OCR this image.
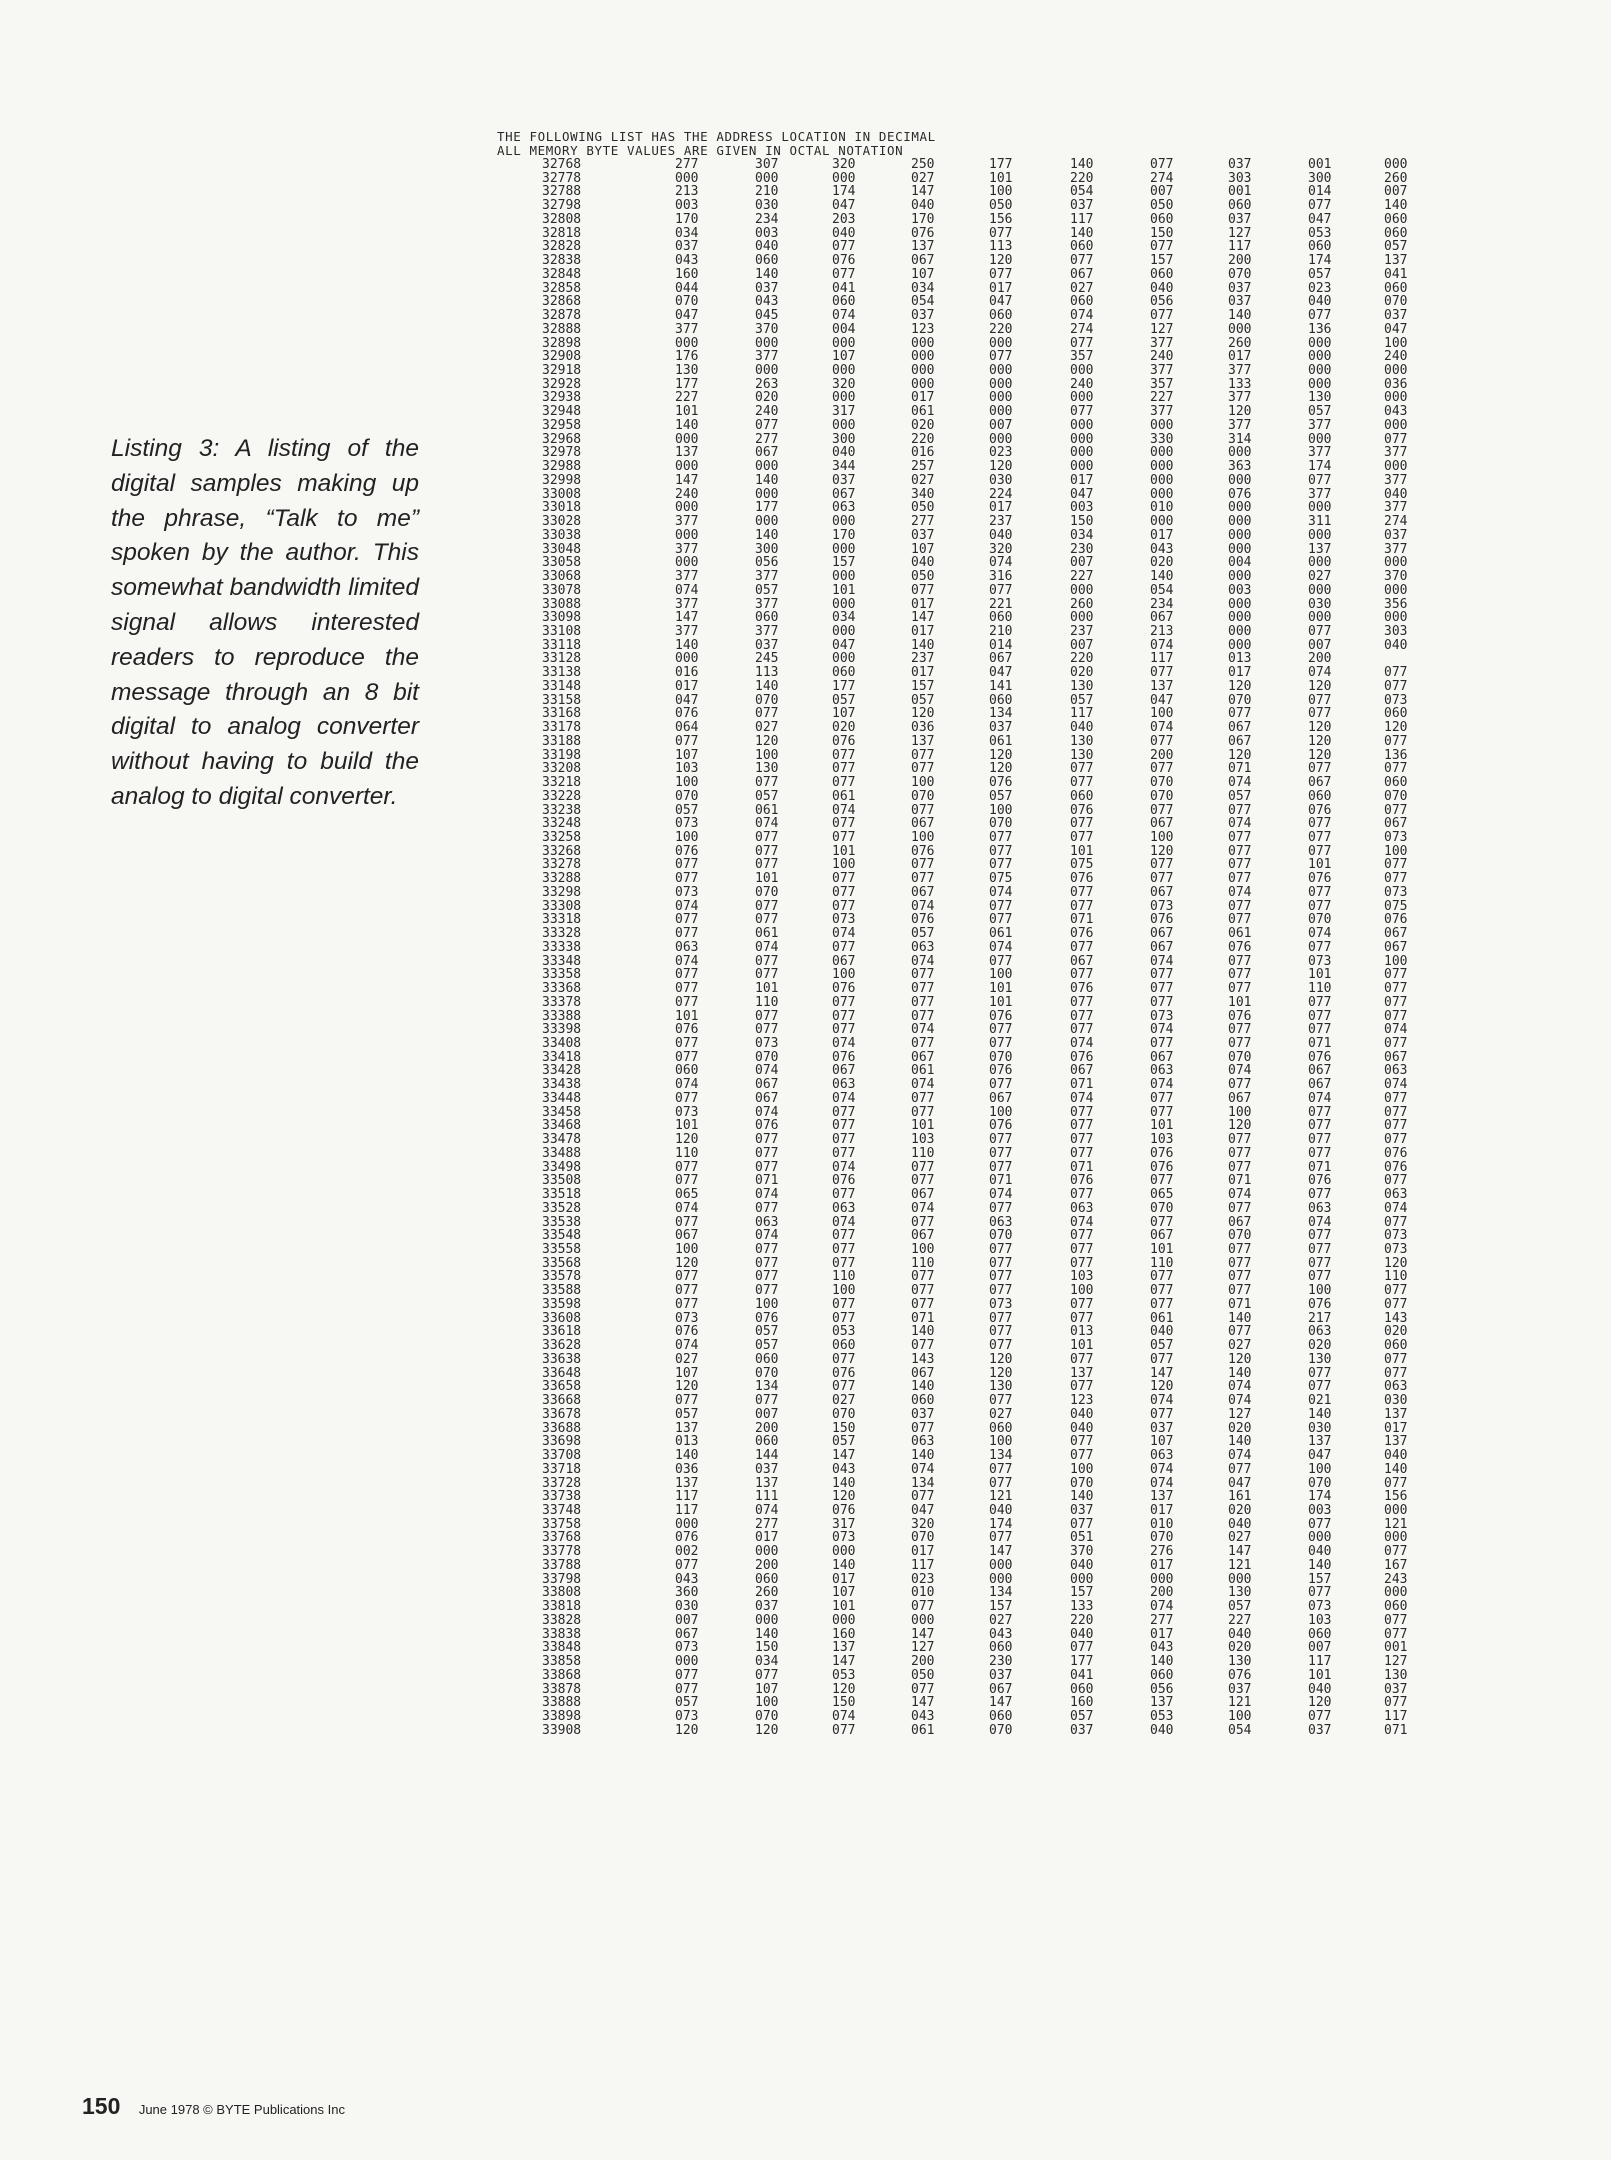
Listing 3: A listing of the digital samples making up the phrase, “Talk to me” spoken by the author. This somewhat bandwidth limited signal allows interested readers to reproduce the message through an 8 bit digital to analog converter without having to build the analog to digital converter.
THE FOLLOWING LIST HAS THE ADDRESS LOCATION IN DECIMAL
ALL MEMORY BYTE VALUES ARE GIVEN IN OCTAL NOTATION
32768	277	307	320	250	177	140	077	037	001	000
32778	000	000	000	027	101	220	274	303	300	260
32788	213	210	174	147	100	054	007	001	014	007
32798	003	030	047	040	050	037	050	060	077	140
32808	170	234	203	170	156	117	060	037	047	060
32818	034	003	040	076	077	140	150	127	053	060
32828	037	040	077	137	113	060	077	117	060	057
32838	043	060	076	067	120	077	157	200	174	137
32848	160	140	077	107	077	067	060	070	057	041
32858	044	037	041	034	017	027	040	037	023	060
32868	070	043	060	054	047	060	056	037	040	070
32878	047	045	074	037	060	074	077	140	077	037
32888	377	370	004	123	220	274	127	000	136	047
32898	000	000	000	000	000	077	377	260	000	100
32908	176	377	107	000	077	357	240	017	000	240
32918	130	000	000	000	000	000	377	377	000	000
32928	177	263	320	000	000	240	357	133	000	036
32938	227	020	000	017	000	000	227	377	130	000
32948	101	240	317	061	000	077	377	120	057	043
32958	140	077	000	020	007	000	000	377	377	000
32968	000	277	300	220	000	000	330	314	000	077
32978	137	067	040	016	023	000	000	000	377	377
32988	000	000	344	257	120	000	000	363	174	000
32998	147	140	037	027	030	017	000	000	077	377
33008	240	000	067	340	224	047	000	076	377	040
33018	000	177	063	050	017	003	010	000	000	377
33028	377	000	000	277	237	150	000	000	311	274
33038	000	140	170	037	040	034	017	000	000	037
33048	377	300	000	107	320	230	043	000	137	377
33058	000	056	157	040	074	007	020	004	000	000
33068	377	377	000	050	316	227	140	000	027	370
33078	074	057	101	077	077	000	054	003	000	000
33088	377	377	000	017	221	260	234	000	030	356
33098	147	060	034	147	060	000	067	000	000	000
33108	377	377	000	017	210	237	213	000	077	303
33118	140	037	047	140	014	007	074	000	007	040
33128	000	245	000	237	067	220	117	013	200
33138	016	113	060	017	047	020	077	017	074	077
33148	017	140	177	157	141	130	137	120	120	077
33158	047	070	057	057	060	057	047	070	077	073
33168	076	077	107	120	134	117	100	077	077	060
33178	064	027	020	036	037	040	074	067	120	120
33188	077	120	076	137	061	130	077	067	120	077
33198	107	100	077	077	120	130	200	120	120	136
33208	103	130	077	077	120	077	077	071	077	077
33218	100	077	077	100	076	077	070	074	067	060
33228	070	057	061	070	057	060	070	057	060	070
33238	057	061	074	077	100	076	077	077	076	077
33248	073	074	077	067	070	077	067	074	077	067
33258	100	077	077	100	077	077	100	077	077	073
33268	076	077	101	076	077	101	120	077	077	100
33278	077	077	100	077	077	075	077	077	101	077
33288	077	101	077	077	075	076	077	077	076	077
33298	073	070	077	067	074	077	067	074	077	073
33308	074	077	077	074	077	077	073	077	077	075
33318	077	077	073	076	077	071	076	077	070	076
33328	077	061	074	057	061	076	067	061	074	067
33338	063	074	077	063	074	077	067	076	077	067
33348	074	077	067	074	077	067	074	077	073	100
33358	077	077	100	077	100	077	077	077	101	077
33368	077	101	076	077	101	076	077	077	110	077
33378	077	110	077	077	101	077	077	101	077	077
33388	101	077	077	077	076	077	073	076	077	077
33398	076	077	077	074	077	077	074	077	077	074
33408	077	073	074	077	077	074	077	077	071	077
33418	077	070	076	067	070	076	067	070	076	067
33428	060	074	067	061	076	067	063	074	067	063
33438	074	067	063	074	077	071	074	077	067	074
33448	077	067	074	077	067	074	077	067	074	077
33458	073	074	077	077	100	077	077	100	077	077
33468	101	076	077	101	076	077	101	120	077	077
33478	120	077	077	103	077	077	103	077	077	077
33488	110	077	077	110	077	077	076	077	077	076
33498	077	077	074	077	077	071	076	077	071	076
33508	077	071	076	077	071	076	077	071	076	077
33518	065	074	077	067	074	077	065	074	077	063
33528	074	077	063	074	077	063	070	077	063	074
33538	077	063	074	077	063	074	077	067	074	077
33548	067	074	077	067	070	077	067	070	077	073
33558	100	077	077	100	077	077	101	077	077	073
33568	120	077	077	110	077	077	110	077	077	120
33578	077	077	110	077	077	103	077	077	077	110
33588	077	077	100	077	077	100	077	077	100	077
33598	077	100	077	077	073	077	077	071	076	077
33608	073	076	077	071	077	077	061	140	217	143
33618	076	057	053	140	077	013	040	077	063	020
33628	074	057	060	077	077	101	057	027	020	060
33638	027	060	077	143	120	077	077	120	130	077
33648	107	070	076	067	120	137	147	140	077	077
33658	120	134	077	140	130	077	120	074	077	063
33668	077	077	027	060	077	123	074	074	021	030
33678	057	007	070	037	027	040	077	127	140	137
33688	137	200	150	077	060	040	037	020	030	017
33698	013	060	057	063	100	077	107	140	137	137
33708	140	144	147	140	134	077	063	074	047	040
33718	036	037	043	074	077	100	074	077	100	140
33728	137	137	140	134	077	070	074	047	070	077
33738	117	111	120	077	121	140	137	161	174	156
33748	117	074	076	047	040	037	017	020	003	000
33758	000	277	317	320	174	077	010	040	077	121
33768	076	017	073	070	077	051	070	027	000	000
33778	002	000	000	017	147	370	276	147	040	077
33788	077	200	140	117	000	040	017	121	140	167
33798	043	060	017	023	000	000	000	000	157	243
33808	360	260	107	010	134	157	200	130	077	000
33818	030	037	101	077	157	133	074	057	073	060
33828	007	000	000	000	027	220	277	227	103	077
33838	067	140	160	147	043	040	017	040	060	077
33848	073	150	137	127	060	077	043	020	007	001
33858	000	034	147	200	230	177	140	130	117	127
33868	077	077	053	050	037	041	060	076	101	130
33878	077	107	120	077	067	060	056	037	040	037
33888	057	100	150	147	147	160	137	121	120	077
33898	073	070	074	043	060	057	053	100	077	117
33908	120	120	077	061	070	037	040	054	037	071
150 June 1978 © BYTE Publications Inc
